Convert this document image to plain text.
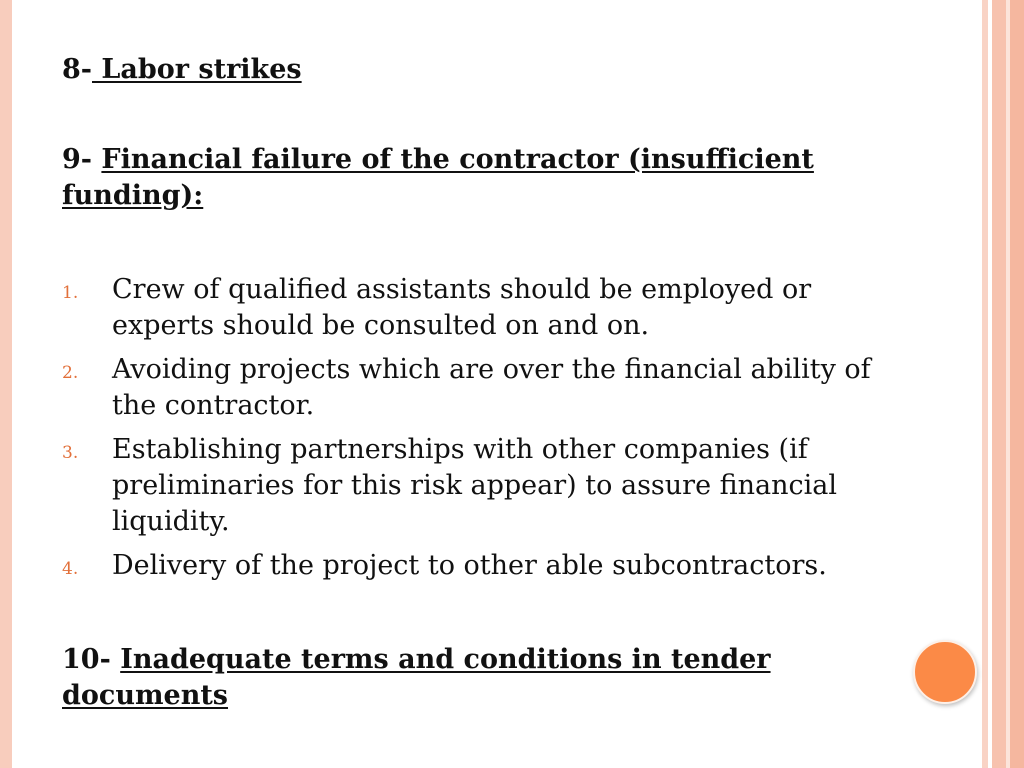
8- Labor strikes
9- Financial failure of the contractor (insufficient funding):
1. Crew of qualified assistants should be employed or experts should be consulted on and on.
2. Avoiding projects which are over the financial ability of the contractor.
3. Establishing partnerships with other companies (if preliminaries for this risk appear) to assure financial liquidity.
4. Delivery of the project to other able subcontractors.
10- Inadequate terms and conditions in tender documents
